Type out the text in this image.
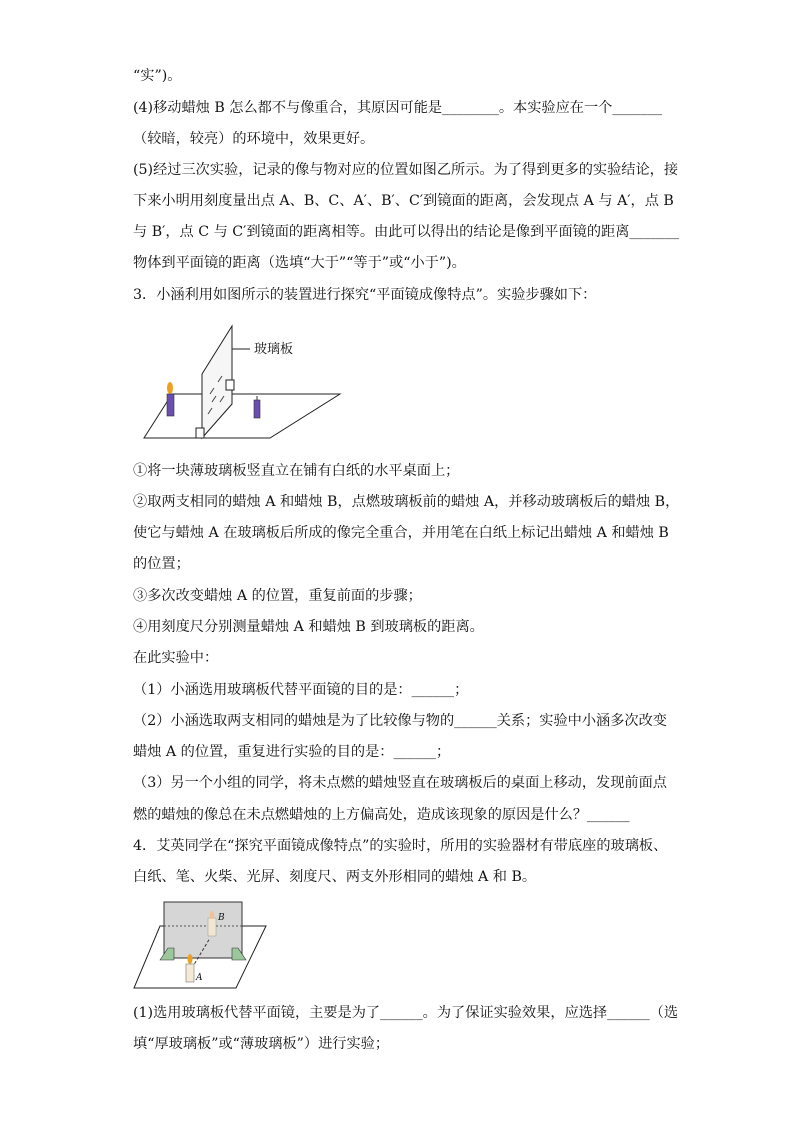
“实”)。
(4)移动蜡烛 B 怎么都不与像重合，其原因可能是________。本实验应在一个_______
（较暗，较亮）的环境中，效果更好。
(5)经过三次实验，记录的像与物对应的位置如图乙所示。为了得到更多的实验结论，接
下来小明用刻度量出点 A、B、C、A′、B′、C′到镜面的距离，会发现点 A 与 A′，点 B
与 B′，点 C 与 C′到镜面的距离相等。由此可以得出的结论是像到平面镜的距离_______
物体到平面镜的距离（选填“大于”“等于”或“小于”)。
3．小涵利用如图所示的装置进行探究“平面镜成像特点”。实验步骤如下：
玻璃板
①将一块薄玻璃板竖直立在铺有白纸的水平桌面上；
②取两支相同的蜡烛 A 和蜡烛 B，点燃玻璃板前的蜡烛 A，并移动玻璃板后的蜡烛 B，
使它与蜡烛 A 在玻璃板后所成的像完全重合，并用笔在白纸上标记出蜡烛 A 和蜡烛 B
的位置；
③多次改变蜡烛 A 的位置，重复前面的步骤；
④用刻度尺分别测量蜡烛 A 和蜡烛 B 到玻璃板的距离。
在此实验中：
（1）小涵选用玻璃板代替平面镜的目的是：______；
（2）小涵选取两支相同的蜡烛是为了比较像与物的______关系；实验中小涵多次改变
蜡烛 A 的位置，重复进行实验的目的是：______；
（3）另一个小组的同学，将未点燃的蜡烛竖直在玻璃板后的桌面上移动，发现前面点
燃的蜡烛的像总在未点燃蜡烛的上方偏高处，造成该现象的原因是什么？______
4．艾英同学在“探究平面镜成像特点”的实验时，所用的实验器材有带底座的玻璃板、
白纸、笔、火柴、光屏、刻度尺、两支外形相同的蜡烛 A 和 B。
B
A
(1)选用玻璃板代替平面镜，主要是为了______。为了保证实验效果，应选择______（选
填“厚玻璃板”或“薄玻璃板”）进行实验；
